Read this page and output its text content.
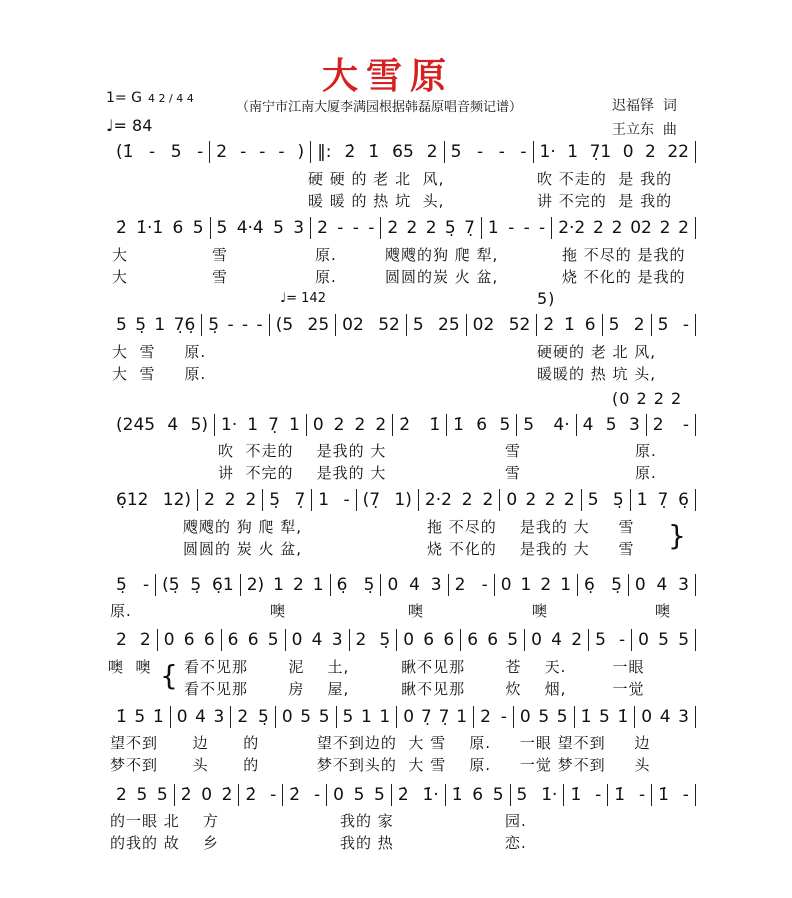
大雪原
1= G 4 2 / 4 4
♩= 84
（南宁市江南大厦李满园根据韩磊原唱音频记谱）	迟福铎  词
王立东  曲
♩= 142
(1̇ - 5 - 2 - - - ) ‖: 2̇ 1̇ 65 2 5̈ - - - 1· 1 7̣1 0 2 22
硬 硬 的 老 北  风,	吹 不走的  是 我的
暖 暖 的 热 坑  头,	讲 不完的  是 我的
2̇ 1̇·1̇ 6 5 5 4·4 5 3 2 - - - 2 2 2 5̣ 7̣ 1 - - - 2·2 2 2 02 2 2
大	雪	原.	飕飕的狗 爬 犁,	拖 不尽的 是我的
大	雪	原.	圆圆的炭 火 盆,	烧 不化的 是我的
5 5̣ 1 7̣6̣ 5̣ - - - (5 25 02 52 5 25 02 52 2̇ 1̇ 6 5 2 5̈ -
5)
大  雪     原.	硬硬的 老 北 风,
大  雪     原.	暖暖的 热 坑 头,
(245 4 5) 1· 1 7̣ 1 0 2 2 2 2̇ 1̇ 1̇ 6 5 5 4· 4 5 3 2 -
(0 2 2 2
吹  不走的    是我的 大	雪	原.
讲  不完的    是我的 大	雪	原.
6̣12 12) 2 2 2 5̣ 7̣ 1 - (7̣ 1) 2·2 2 2 0 2 2 2 5 5̣ 1 7̣ 6̣
飕飕的 狗 爬 犁,	拖 不尽的    是我的 大     雪
圆圆的 炭 火 盆,	烧 不化的    是我的 大     雪 }
5̣ - (5̣ 5̣ 6̣1 2) 1 2 1 6̣ 5̣ 0 4 3 2 - 0 1 2 1 6̣ 5̣ 0 4 3
原.	噢	噢	噢	噢
2 2 0 6 6 6 6 5 0 4 3 2 5̣ 0 6 6 6 6 5 0 4 2 5 - 0 5 5
看不见那       泥    土,         瞅不见那       苍    天.        一眼
看不见那       房    屋,         瞅不见那       炊    烟,        一觉
噢  噢 {
1̇ 5 1̇ 0 4 3 2 5̣ 0 5 5 5 1 1 0 7̣ 7̣ 1 2 - 0 5 5 1̇ 5 1̇ 0 4 3
望不到      边      的          望不到边的  大 雪    原.     一眼 望不到     边
梦不到      头      的          梦不到头的  大 雪    原.     一觉 梦不到     头
2 5 5 2̇ 0 2̇ 2̇ - 2̇ - 0 5 5 2̇ 1̇· 1̇ 6 5 5 1̇· 1̇ - 1̇ - 1̇ -
的一眼 北    方	我的 家	园.
的我的 故    乡	我的 热	恋.
